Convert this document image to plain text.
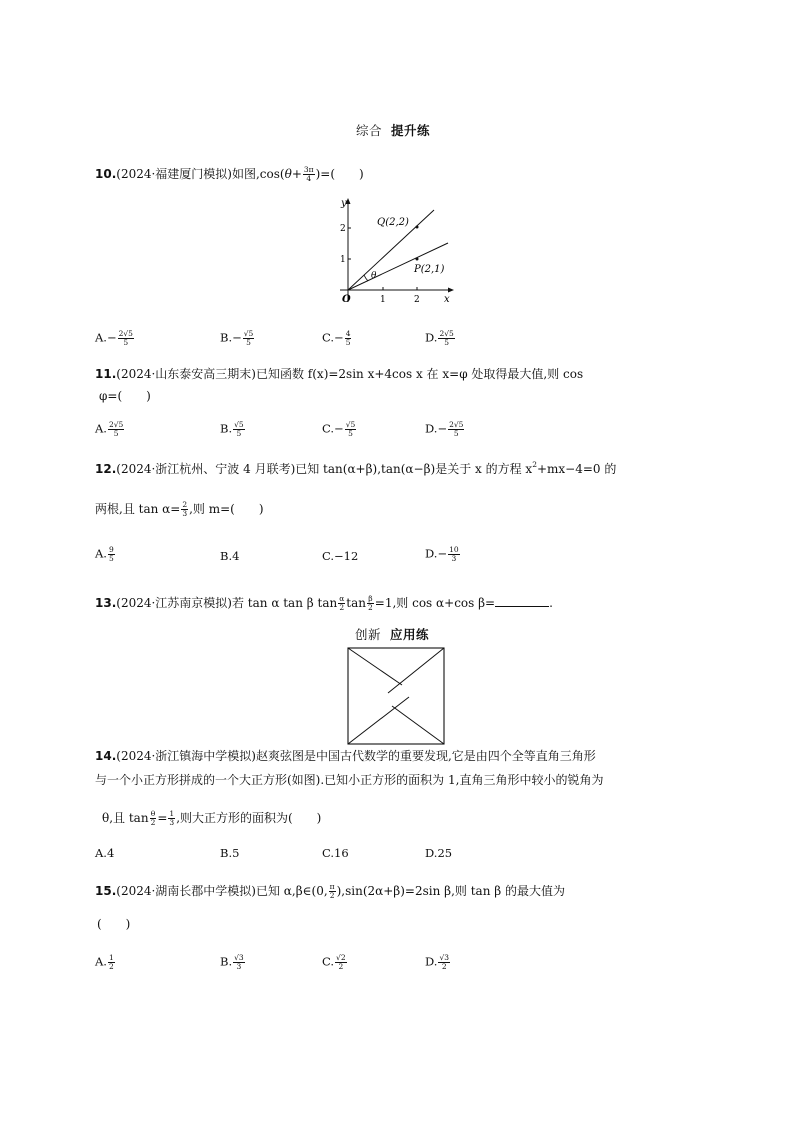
综合 提升练
10.(2024·福建厦门模拟)如图$,\cos(\theta+ \frac{3\pi}{4}$ )=(　　)
y
x
O	1	2
1
2
Q(2,2)
P(2,1)
θ
$A.- \frac{2√5}{5}$	$B.- \frac{√5}{5}$	$C.- \frac{4}{5}$	D. $\frac{2√5}{5}$
11.(2024·山东泰安高三期末)已知函数 f(x)=2sin x+4cos x 在 x=φ 处取得最大值,则 cos
φ=(　　)
A. $\frac{2√5}{5}$	B. $\frac{√5}{5}$	$C.- \frac{√5}{5}$	$D.- \frac{2√5}{5}$
12.(2024·浙江杭州、宁波 4 月联考)已知 tan(α+β),tan(α−β)是关于 x 的方程 $x^2+mx-4=0$ 的
两根,且 $\tan \alpha= \frac{2}{3}$ ,则 m=(　　)
A. $\frac{9}{5}$	B.4	C.−12	$D.- \frac{10}{3}$
13.(2024·江苏南京模拟)若 tan α tan β $\tan \frac{\alpha}{2}$ $\tan \frac{\beta}{2} =1$,则 cos α+cos β=	.
创新 应用练
14.(2024·浙江镇海中学模拟)赵爽弦图是中国古代数学的重要发现,它是由四个全等直角三角形
与一个小正方形拼成的一个大正方形(如图).已知小正方形的面积为 1,直角三角形中较小的锐角为
θ,且 $\tan \frac{\theta}{2} = \frac{1}{3}$ ,则大正方形的面积为(　　)
A.4	B.5	C.16	D.25
15.(2024·湖南长郡中学模拟)已知 α,β∈(0, $\frac{\pi}{2} ),\sin(2\alpha+\beta)=2\sin$ β,则 tan β 的最大值为
(　　)
A. $\frac{1}{2}$	B. $\frac{√3}{3}$	C. $\frac{√2}{2}$	D. $\frac{√3}{2}$
